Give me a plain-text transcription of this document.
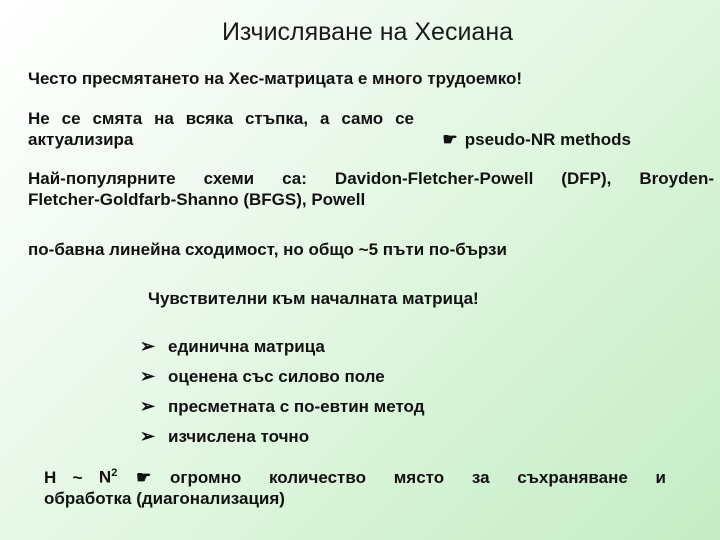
Изчисляване на Хесиана
Често пресмятането на Хес-матрицата е много трудоемко!
Не се смята на всяка стъпка, а само се
актуализира	☛ pseudo-NR methods
Най-популярните схеми са: Davidon-Fletcher-Powell (DFP), Broyden-
Fletcher-Goldfarb-Shanno (BFGS), Powell
по-бавна линейна сходимост, но общо ~5 пъти по-бързи
Чувствителни към началната матрица!
➢ единична матрица
➢ оценена със силово поле
➢ пресметната с по-евтин метод
➢ изчислена точно
H ~ $N^2$ ☛ огромно количество място за съхраняване и
обработка (диагонализация)
